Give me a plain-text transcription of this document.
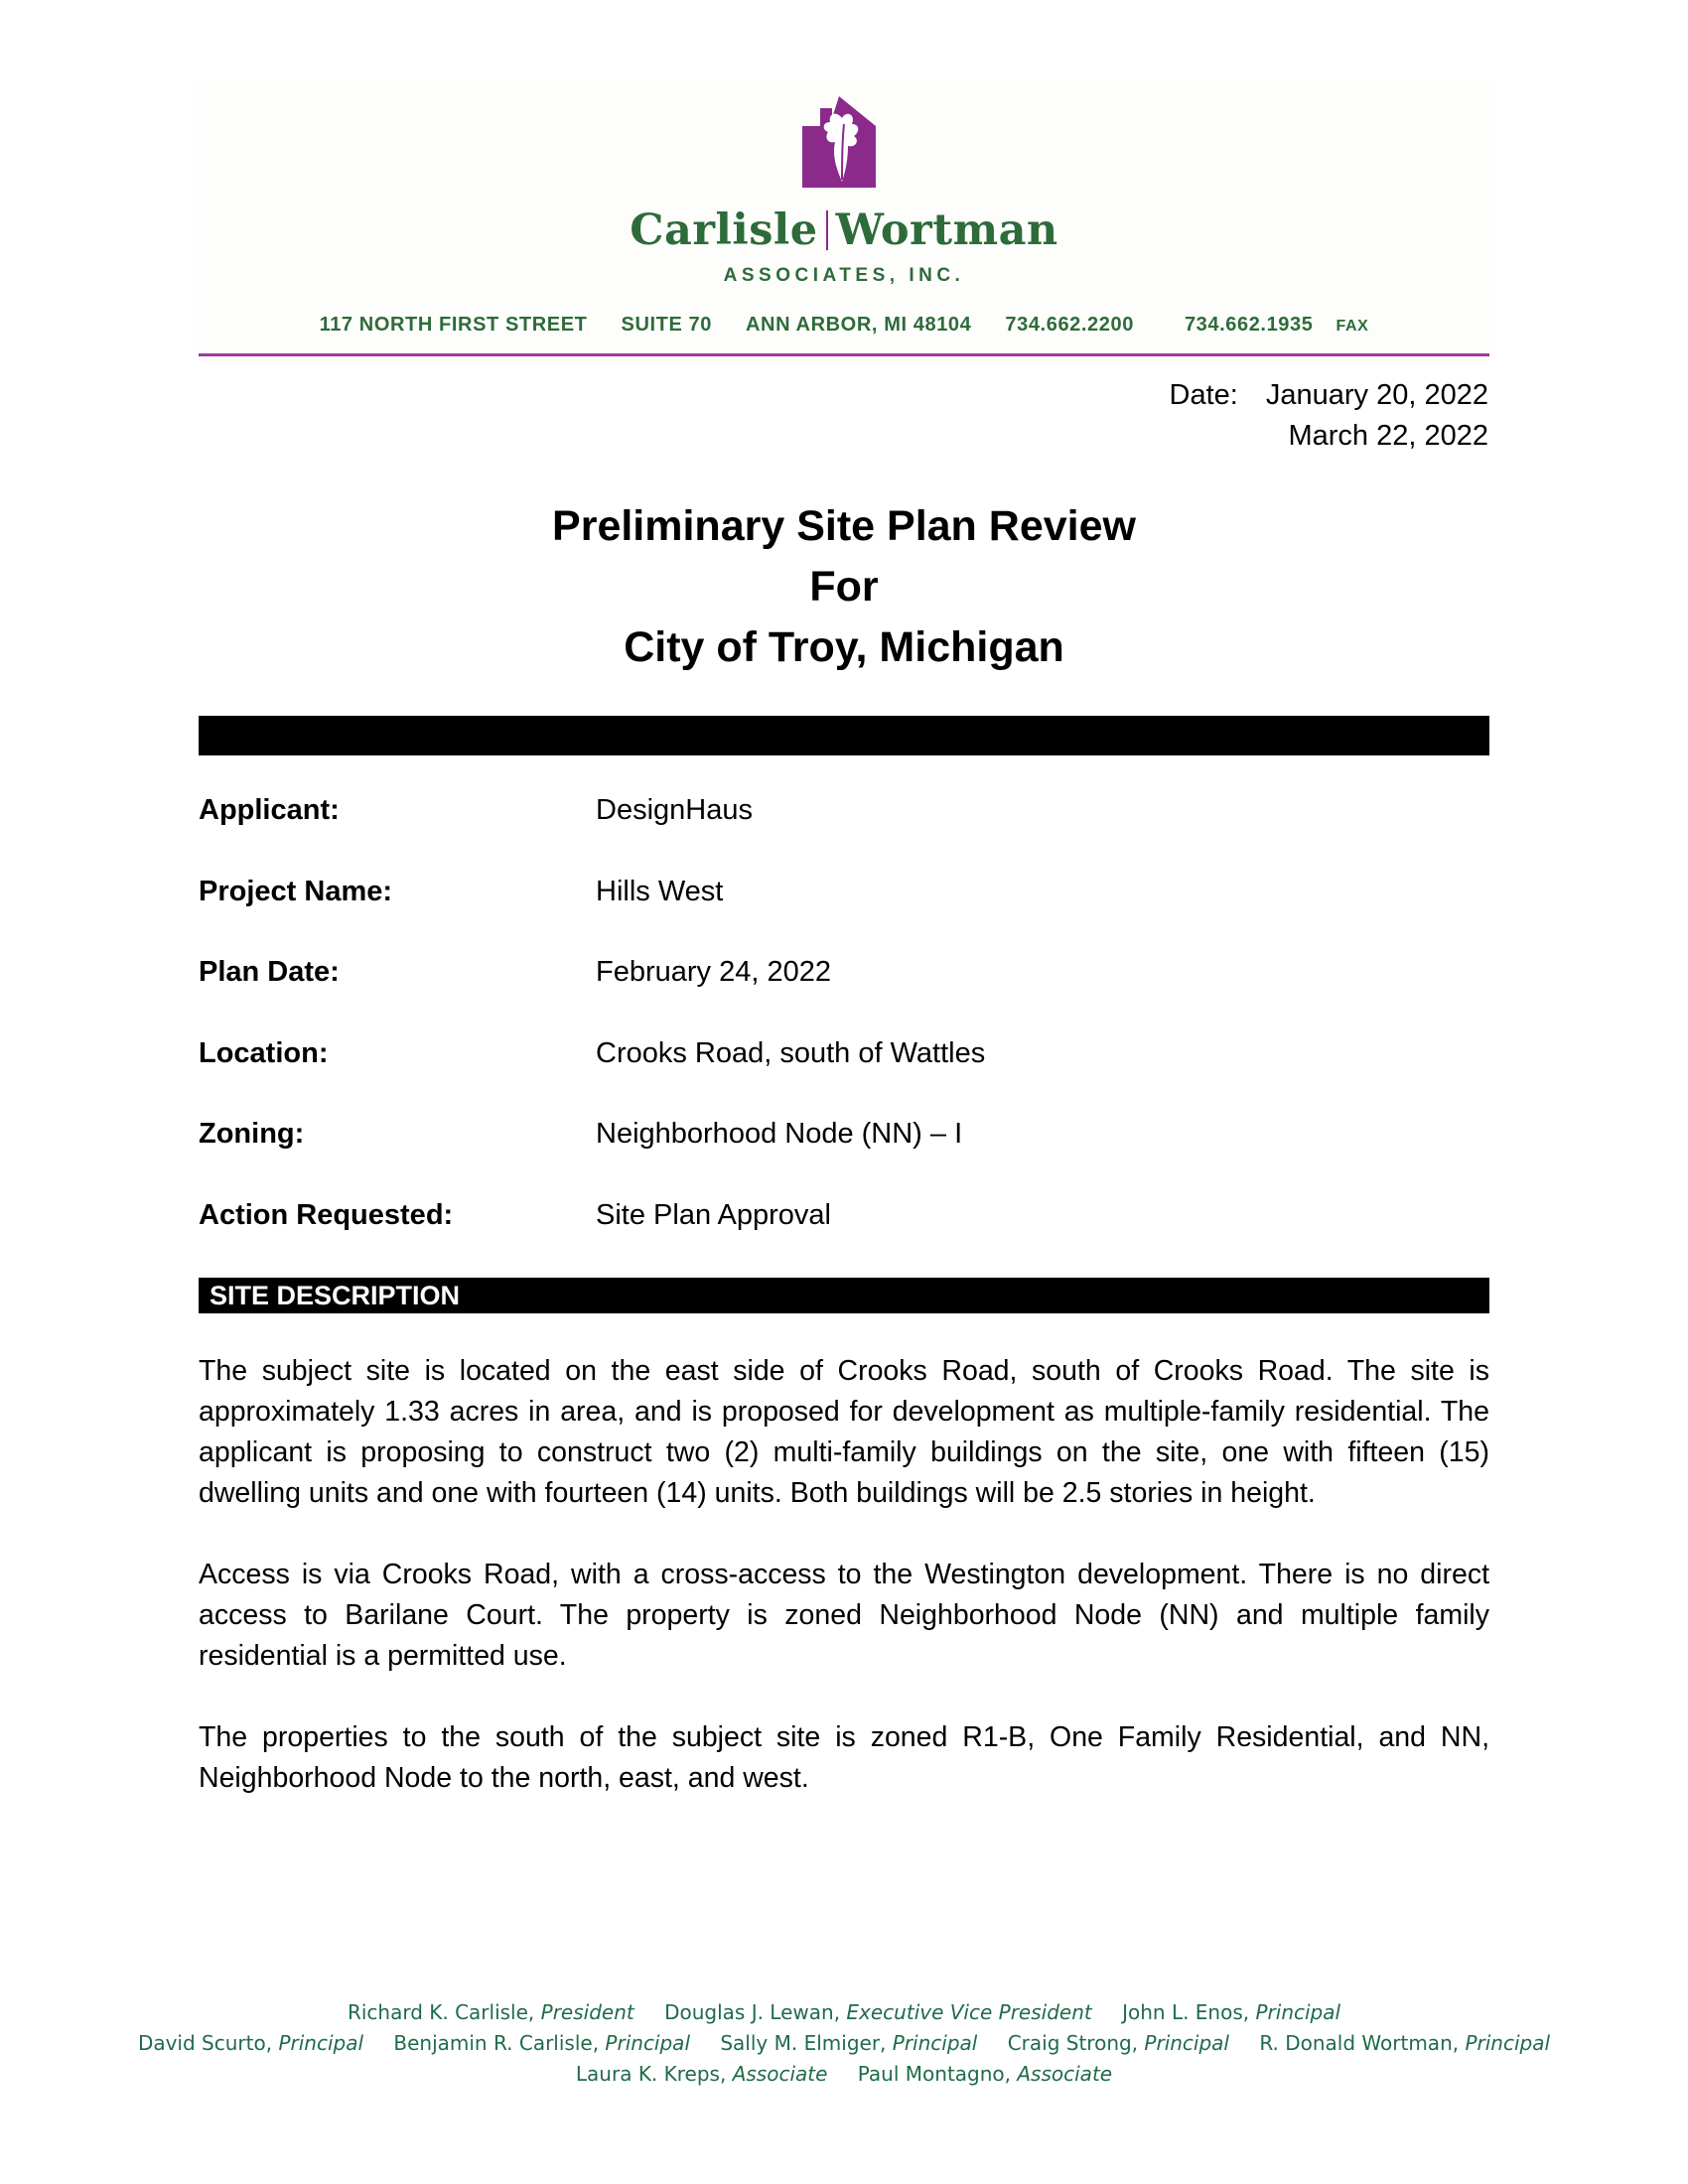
Carlisle Wortman
ASSOCIATES, INC.
117 NORTH FIRST STREET SUITE 70 ANN ARBOR, MI 48104 734.662.2200	734.662.1935 FAX
Date: January 20, 2022
March 22, 2022
Preliminary Site Plan Review
For
City of Troy, Michigan
Applicant:	DesignHaus
Project Name:	Hills West
Plan Date:	February 24, 2022
Location:	Crooks Road, south of Wattles
Zoning:	Neighborhood Node (NN) – I
Action Requested:	Site Plan Approval
SITE DESCRIPTION

The subject site is located on the east side of Crooks Road, south of Crooks Road. The site is approximately 1.33 acres in area, and is proposed for development as multiple-family residential. The applicant is proposing to construct two (2) multi-family buildings on the site, one with fifteen (15) dwelling units and one with fourteen (14) units. Both buildings will be 2.5 stories in height.

Access is via Crooks Road, with a cross-access to the Westington development. There is no direct access to Barilane Court. The property is zoned Neighborhood Node (NN) and multiple family residential is a permitted use.

The properties to the south of the subject site is zoned R1-B, One Family Residential, and NN, Neighborhood Node to the north, east, and west.

Richard K. Carlisle, President Douglas J. Lewan, Executive Vice President John L. Enos, Principal
David Scurto, Principal Benjamin R. Carlisle, Principal Sally M. Elmiger, Principal Craig Strong, Principal R. Donald Wortman, Principal
Laura K. Kreps, Associate Paul Montagno, Associate
